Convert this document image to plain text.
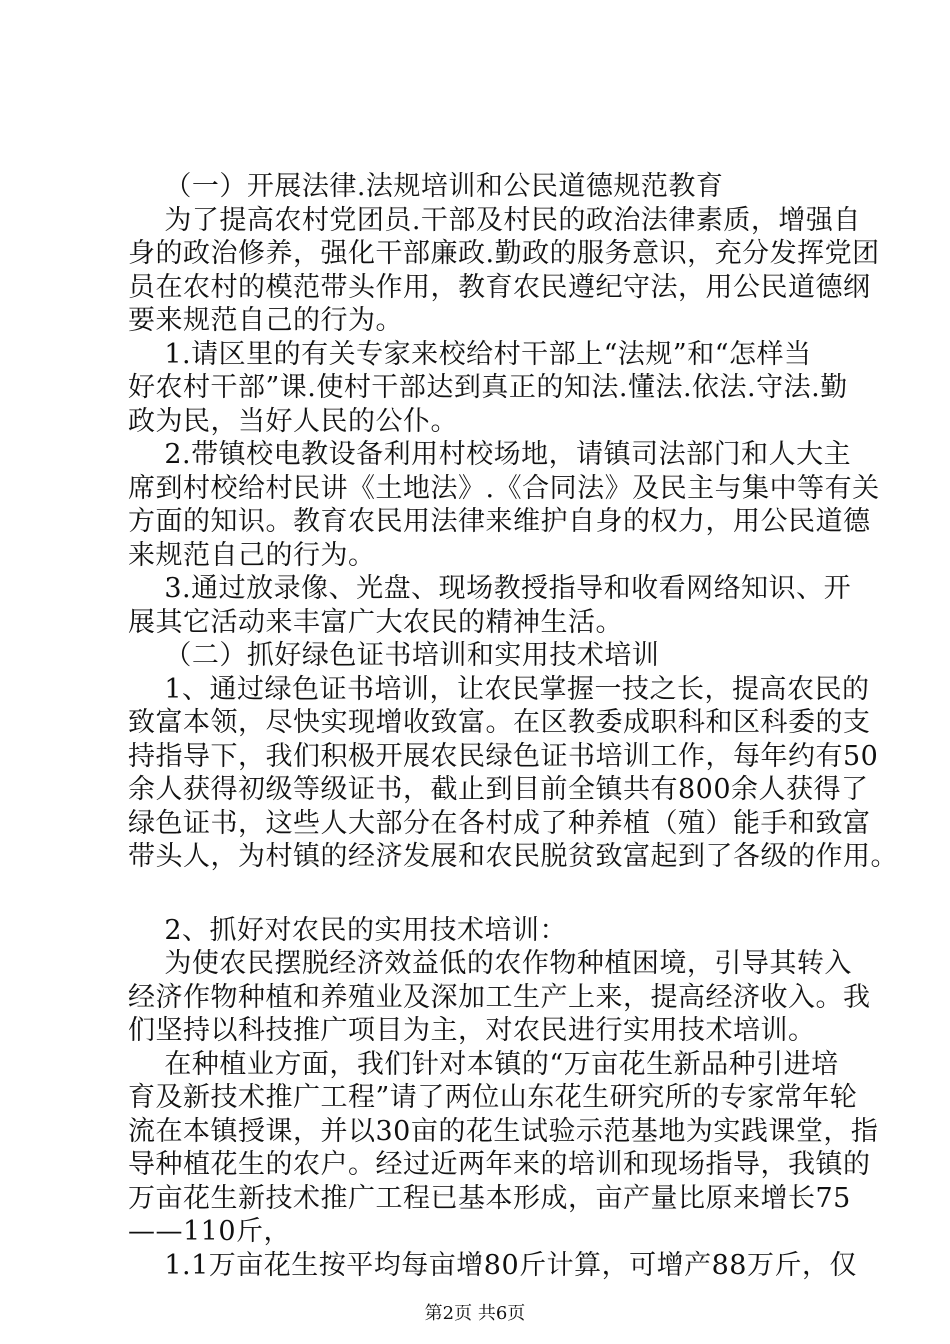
（一）开展法律.法规培训和公民道德规范教育
为了提高农村党团员.干部及村民的政治法律素质，增强自
身的政治修养，强化干部廉政.勤政的服务意识，充分发挥党团
员在农村的模范带头作用，教育农民遵纪守法，用公民道德纲
要来规范自己的行为。
1.请区里的有关专家来校给村干部上“法规”和“怎样当
好农村干部”课.使村干部达到真正的知法.懂法.依法.守法.勤
政为民，当好人民的公仆。
2.带镇校电教设备利用村校场地，请镇司法部门和人大主
席到村校给村民讲《土地法》.《合同法》及民主与集中等有关
方面的知识。教育农民用法律来维护自身的权力，用公民道德
来规范自己的行为。
3.通过放录像、光盘、现场教授指导和收看网络知识、开
展其它活动来丰富广大农民的精神生活。
（二）抓好绿色证书培训和实用技术培训
1、通过绿色证书培训，让农民掌握一技之长，提高农民的
致富本领，尽快实现增收致富。在区教委成职科和区科委的支
持指导下，我们积极开展农民绿色证书培训工作，每年约有50
余人获得初级等级证书，截止到目前全镇共有800余人获得了
绿色证书，这些人大部分在各村成了种养植（殖）能手和致富
带头人，为村镇的经济发展和农民脱贫致富起到了各级的作用。
2、抓好对农民的实用技术培训：
为使农民摆脱经济效益低的农作物种植困境，引导其转入
经济作物种植和养殖业及深加工生产上来，提高经济收入。我
们坚持以科技推广项目为主，对农民进行实用技术培训。
在种植业方面，我们针对本镇的“万亩花生新品种引进培
育及新技术推广工程”请了两位山东花生研究所的专家常年轮
流在本镇授课，并以30亩的花生试验示范基地为实践课堂，指
导种植花生的农户。经过近两年来的培训和现场指导，我镇的
万亩花生新技术推广工程已基本形成，亩产量比原来增长75
——110斤，
1.1万亩花生按平均每亩增80斤计算，可增产88万斤，仅
第2页 共6页
